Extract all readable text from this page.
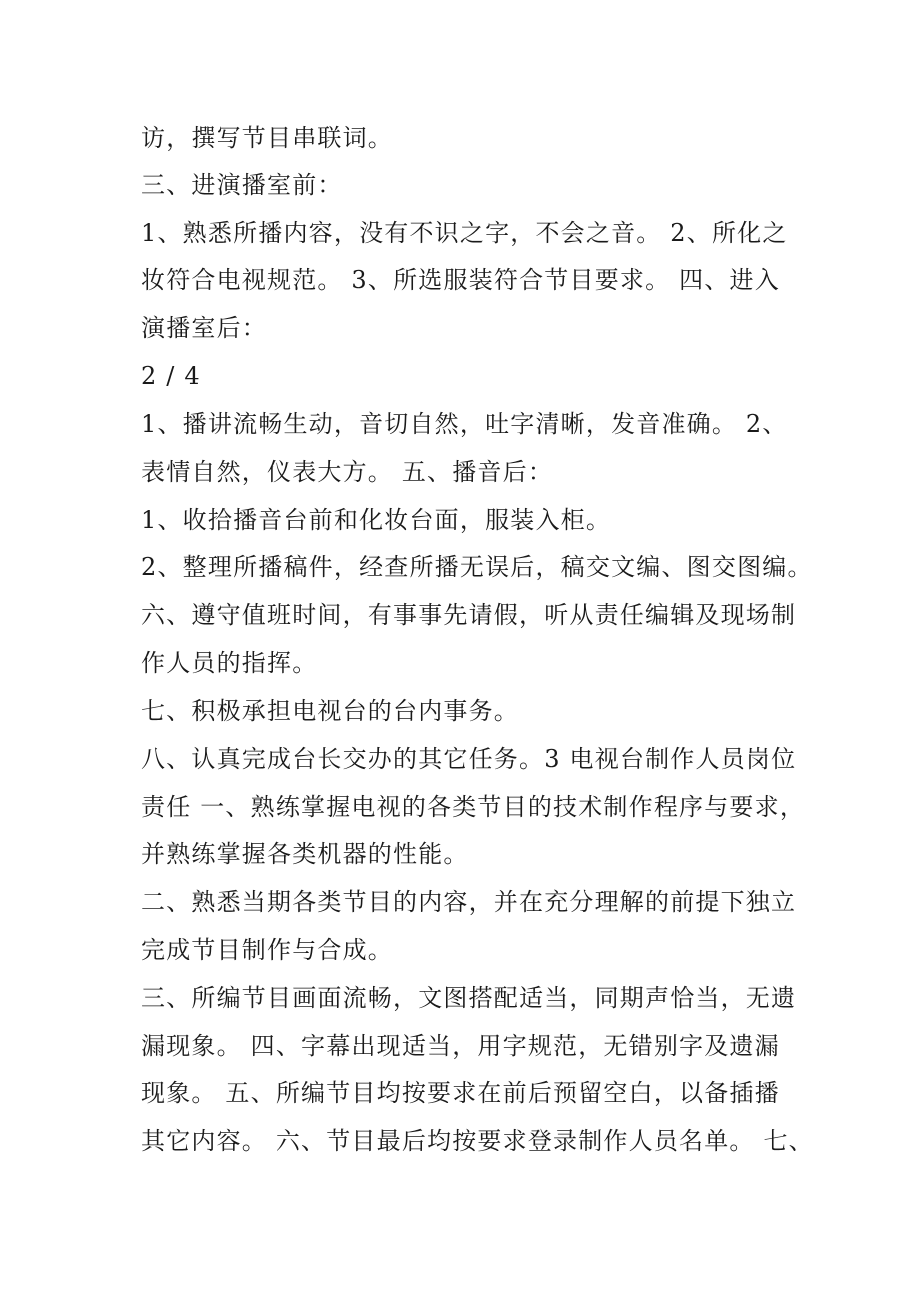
访，撰写节目串联词。
三、进演播室前：
1、熟悉所播内容，没有不识之字，不会之音。 2、所化之
妆符合电视规范。 3、所选服装符合节目要求。 四、进入
演播室后：
2 / 4
1、播讲流畅生动，音切自然，吐字清晰，发音准确。 2、
表情自然，仪表大方。 五、播音后：
1、收拾播音台前和化妆台面，服装入柜。
2、整理所播稿件，经查所播无误后，稿交文编、图交图编。
六、遵守值班时间，有事事先请假，听从责任编辑及现场制
作人员的指挥。
七、积极承担电视台的台内事务。
八、认真完成台长交办的其它任务。3 电视台制作人员岗位
责任 一、熟练掌握电视的各类节目的技术制作程序与要求，
并熟练掌握各类机器的性能。
二、熟悉当期各类节目的内容，并在充分理解的前提下独立
完成节目制作与合成。
三、所编节目画面流畅，文图搭配适当，同期声恰当，无遗
漏现象。 四、字幕出现适当，用字规范，无错别字及遗漏
现象。 五、所编节目均按要求在前后预留空白，以备插播
其它内容。 六、节目最后均按要求登录制作人员名单。 七、
